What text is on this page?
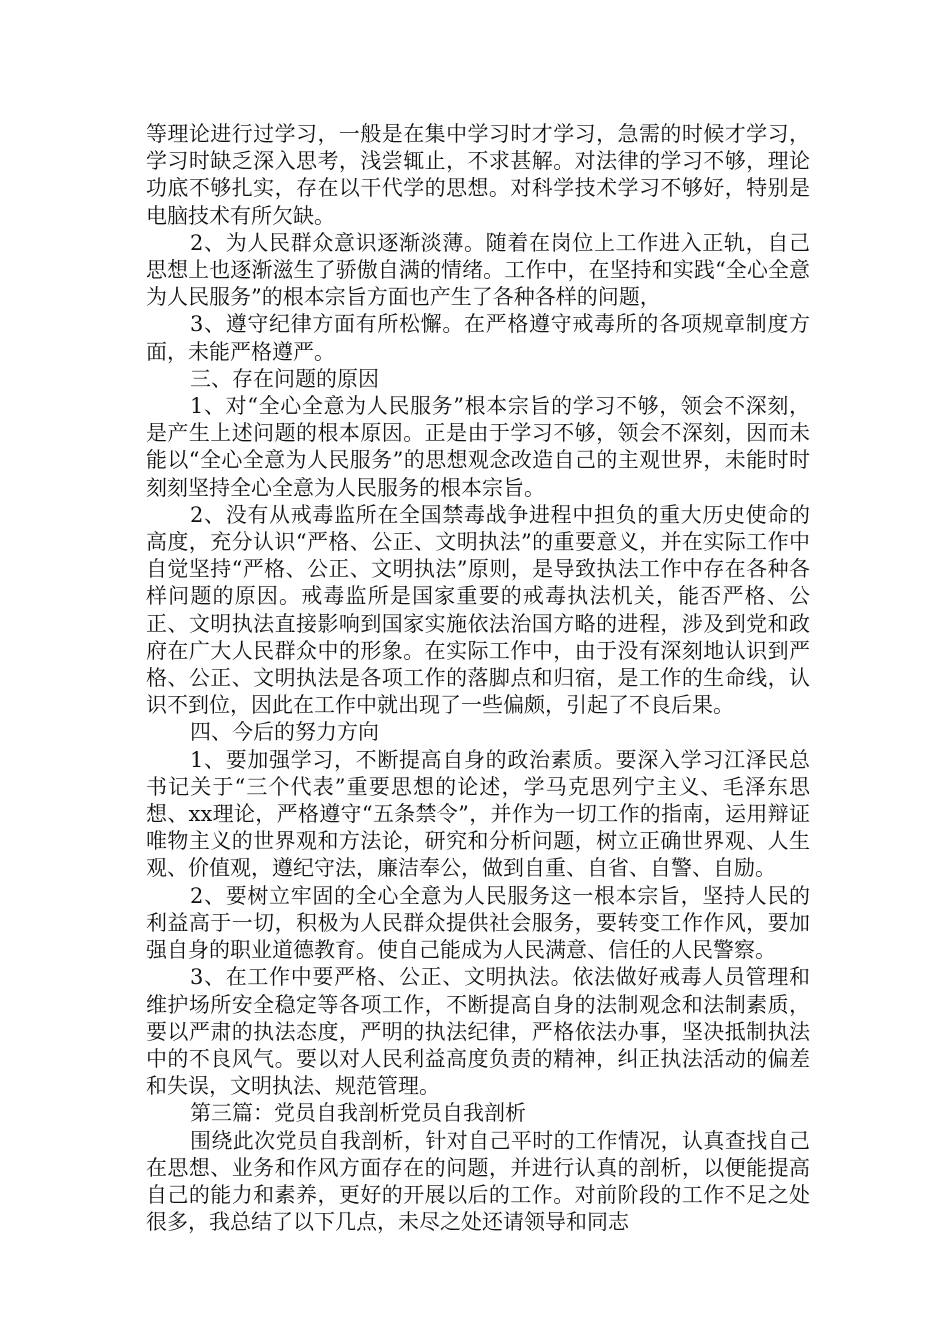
等理论进行过学习，一般是在集中学习时才学习，急需的时候才学习，学习时缺乏深入思考，浅尝辄止，不求甚解。对法律的学习不够，理论功底不够扎实，存在以干代学的思想。对科学技术学习不够好，特别是电脑技术有所欠缺。

2、为人民群众意识逐渐淡薄。随着在岗位上工作进入正轨，自己思想上也逐渐滋生了骄傲自满的情绪。工作中，在坚持和实践“全心全意为人民服务”的根本宗旨方面也产生了各种各样的问题，

3、遵守纪律方面有所松懈。在严格遵守戒毒所的各项规章制度方面，未能严格遵严。

三、存在问题的原因

1、对“全心全意为人民服务”根本宗旨的学习不够，领会不深刻，是产生上述问题的根本原因。正是由于学习不够，领会不深刻，因而未能以“全心全意为人民服务”的思想观念改造自己的主观世界，未能时时刻刻坚持全心全意为人民服务的根本宗旨。

2、没有从戒毒监所在全国禁毒战争进程中担负的重大历史使命的高度，充分认识“严格、公正、文明执法”的重要意义，并在实际工作中自觉坚持“严格、公正、文明执法”原则，是导致执法工作中存在各种各样问题的原因。戒毒监所是国家重要的戒毒执法机关，能否严格、公正、文明执法直接影响到国家实施依法治国方略的进程，涉及到党和政府在广大人民群众中的形象。在实际工作中，由于没有深刻地认识到严格、公正、文明执法是各项工作的落脚点和归宿，是工作的生命线，认识不到位，因此在工作中就出现了一些偏颇，引起了不良后果。

四、今后的努力方向

1、要加强学习，不断提高自身的政治素质。要深入学习江泽民总书记关于“三个代表”重要思想的论述，学马克思列宁主义、毛泽东思想、xx理论，严格遵守“五条禁令”，并作为一切工作的指南，运用辩证唯物主义的世界观和方法论，研究和分析问题，树立正确世界观、人生观、价值观，遵纪守法，廉洁奉公，做到自重、自省、自警、自励。

2、要树立牢固的全心全意为人民服务这一根本宗旨，坚持人民的利益高于一切，积极为人民群众提供社会服务，要转变工作作风，要加强自身的职业道德教育。使自己能成为人民满意、信任的人民警察。

3、在工作中要严格、公正、文明执法。依法做好戒毒人员管理和维护场所安全稳定等各项工作，不断提高自身的法制观念和法制素质，要以严肃的执法态度，严明的执法纪律，严格依法办事，坚决抵制执法中的不良风气。要以对人民利益高度负责的精神，纠正执法活动的偏差和失误，文明执法、规范管理。

第三篇：党员自我剖析党员自我剖析

围绕此次党员自我剖析，针对自己平时的工作情况，认真查找自己在思想、业务和作风方面存在的问题，并进行认真的剖析，以便能提高自己的能力和素养，更好的开展以后的工作。对前阶段的工作不足之处很多，我总结了以下几点，未尽之处还请领导和同志
